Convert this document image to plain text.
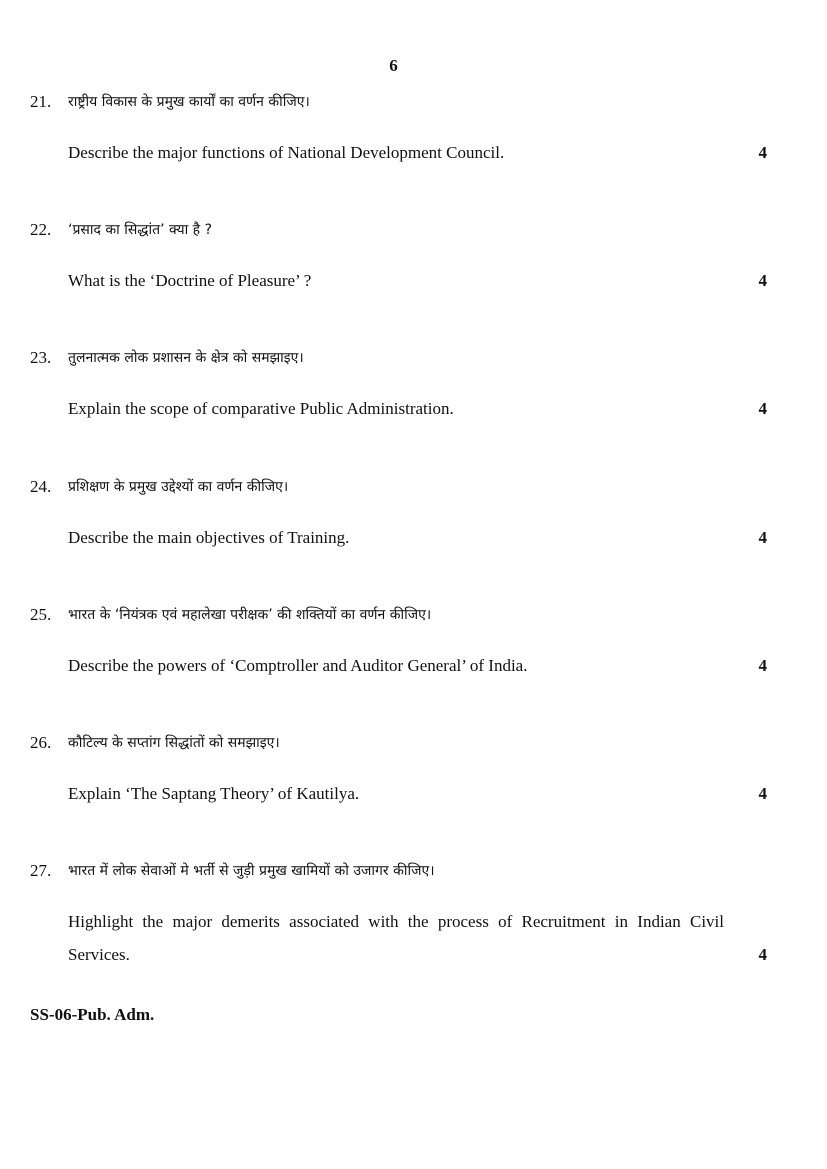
6
21. राष्ट्रीय विकास के प्रमुख कार्यों का वर्णन कीजिए।
Describe the major functions of National Development Council.	4
22. ‘प्रसाद का सिद्धांत’ क्या है ?
What is the ‘Doctrine of Pleasure’ ?	4
23. तुलनात्मक लोक प्रशासन के क्षेत्र को समझाइए।
Explain the scope of comparative Public Administration.	4
24. प्रशिक्षण के प्रमुख उद्देश्यों का वर्णन कीजिए।
Describe the main objectives of Training.	4
25. भारत के ‘नियंत्रक एवं महालेखा परीक्षक’ की शक्तियों का वर्णन कीजिए।
Describe the powers of ‘Comptroller and Auditor General’ of India.	4
26. कौटिल्य के सप्तांग सिद्धांतों को समझाइए।
Explain ‘The Saptang Theory’ of Kautilya.	4
27. भारत में लोक सेवाओं मे भर्ती से जुड़ी प्रमुख खामियों को उजागर कीजिए।
Highlight the major demerits associated with the process of Recruitment in Indian Civil Services.	4
SS-06-Pub. Adm.
